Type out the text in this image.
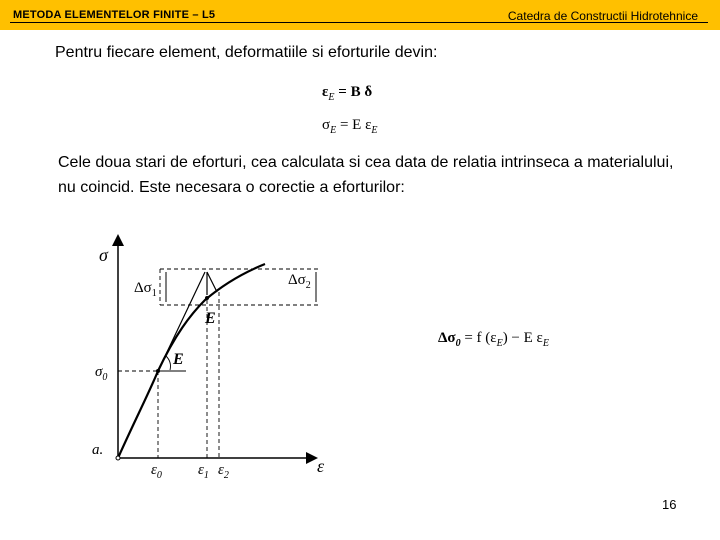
METODA ELEMENTELOR FINITE – L5	Catedra de Constructii Hidrotehnice
Pentru fiecare element, deformatiile si eforturile devin:
$\varepsilon_E = B$ δ
$\sigma_E = E$ $\varepsilon_E$
Cele doua stari de eforturi, cea calculata si cea data de relatia intrinseca a materialului, nu coincid. Este necesara o corectie a eforturilor:
σ
ε
$\Delta\sigma_1$
$\Delta\sigma_2$
$\sigma_0$
E
E
a.
$\varepsilon_0$ $\varepsilon_1$ $\varepsilon_2$
$\Delta\sigma_0 = f$ $(\varepsilon_E) - E$ $\varepsilon_E$
16
